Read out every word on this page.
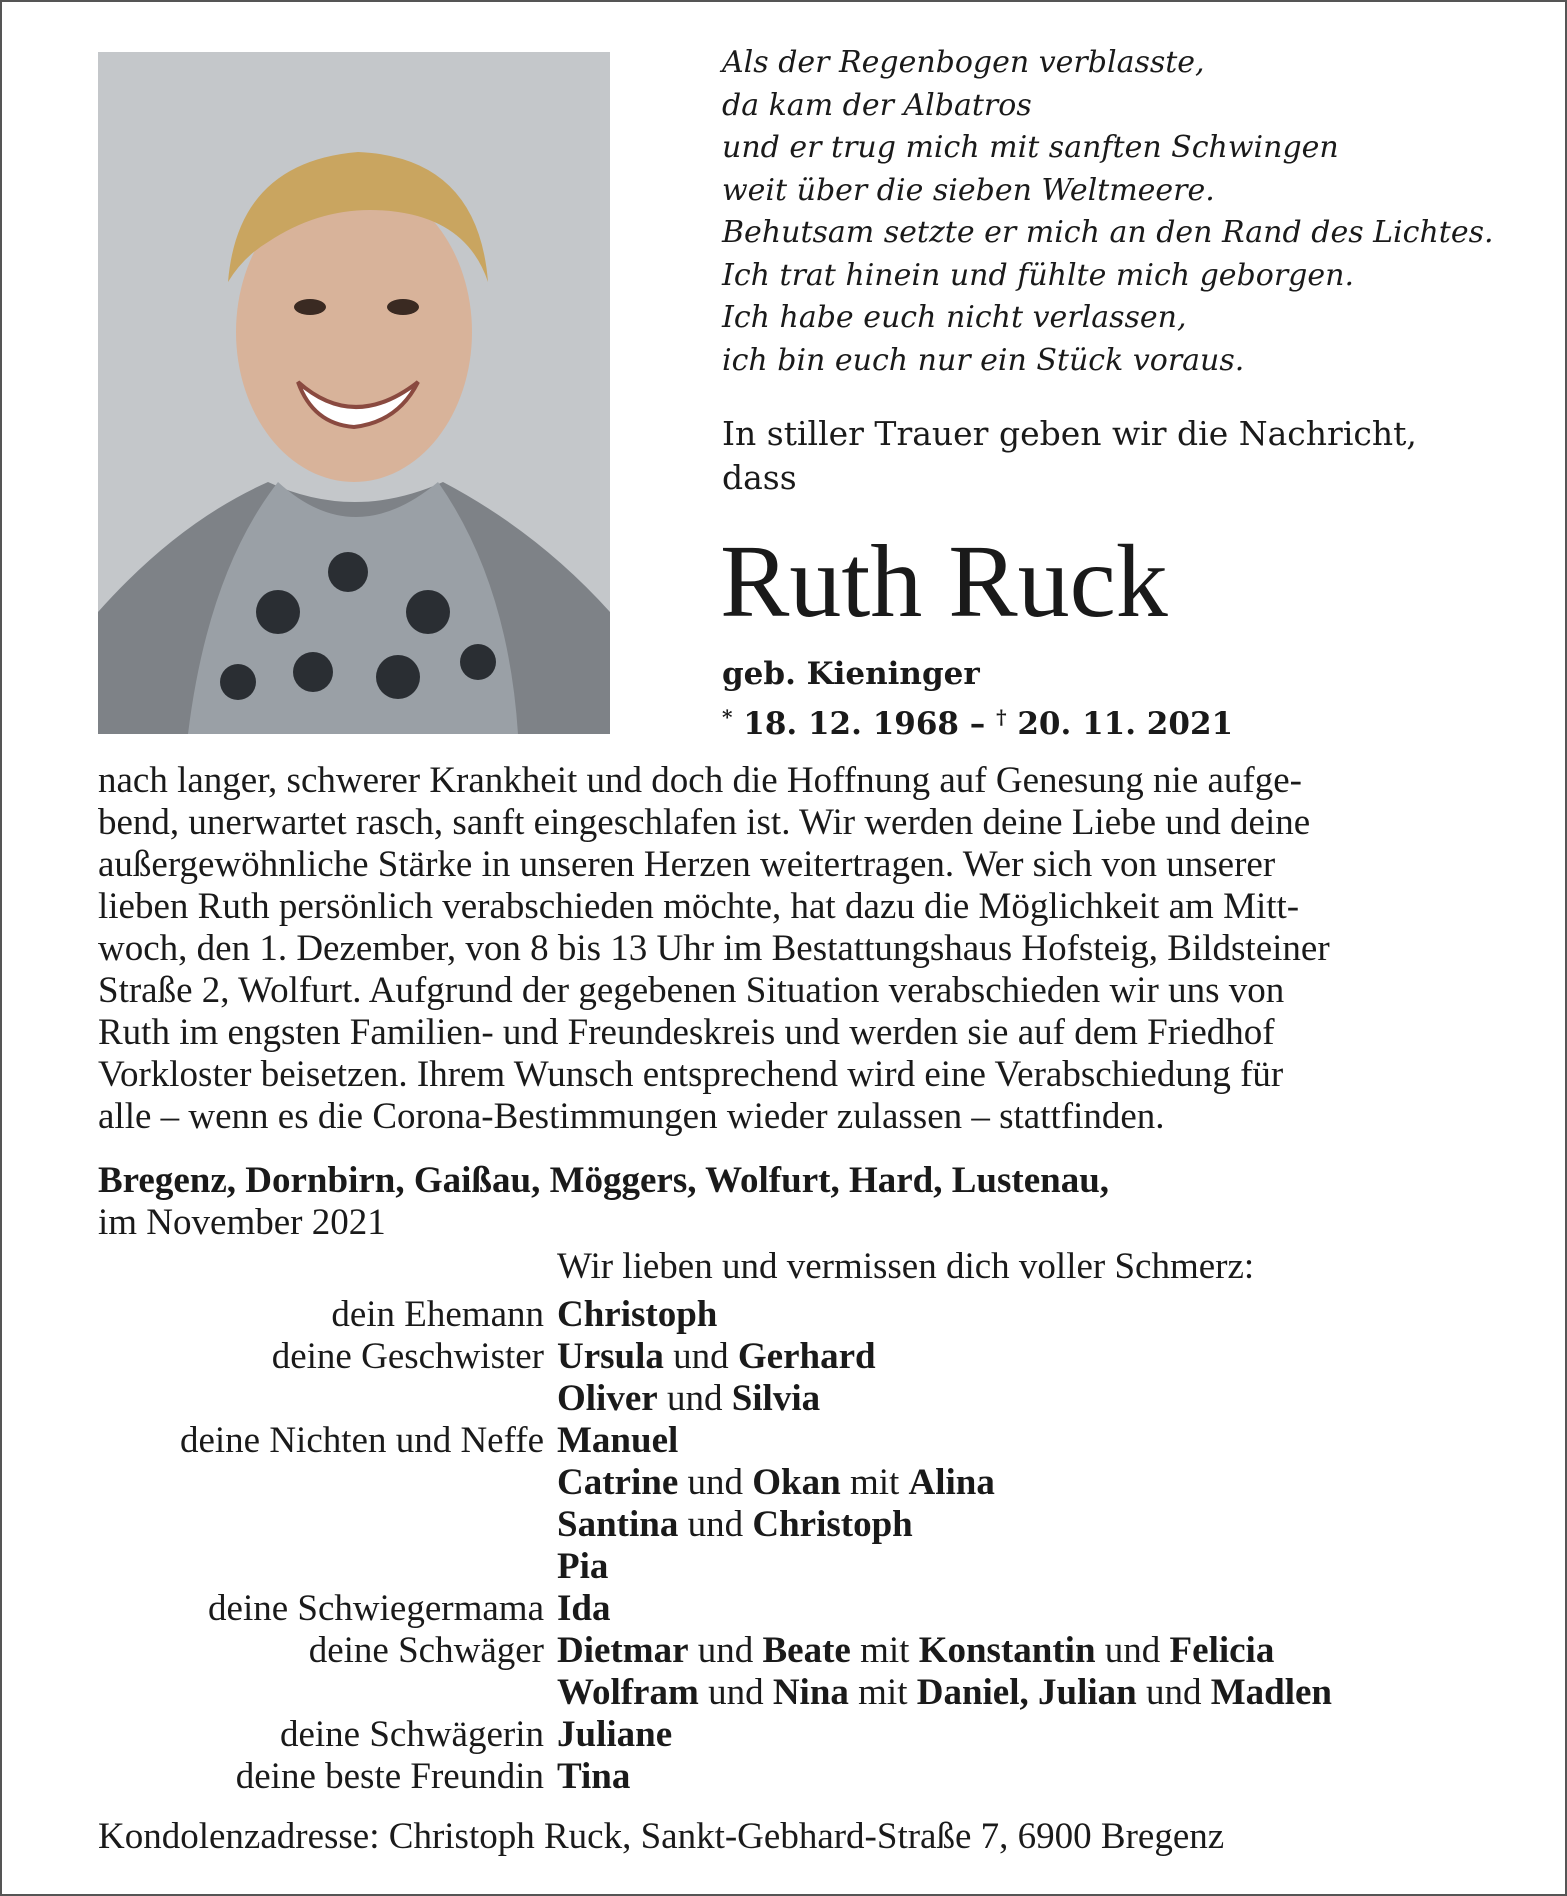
Als der Regenbogen verblasste,
da kam der Albatros
und er trug mich mit sanften Schwingen
weit über die sieben Weltmeere.
Behutsam setzte er mich an den Rand des Lichtes.
Ich trat hinein und fühlte mich geborgen.
Ich habe euch nicht verlassen,
ich bin euch nur ein Stück voraus.
In stiller Trauer geben wir die Nachricht,
dass
Ruth Ruck
geb. Kieninger
* 18. 12. 1968 – † 20. 11. 2021
nach langer, schwerer Krankheit und doch die Hoffnung auf Genesung nie aufge-
bend, unerwartet rasch, sanft eingeschlafen ist. Wir werden deine Liebe und deine
außergewöhnliche Stärke in unseren Herzen weitertragen. Wer sich von unserer
lieben Ruth persönlich verabschieden möchte, hat dazu die Möglichkeit am Mitt-
woch, den 1. Dezember, von 8 bis 13 Uhr im Bestattungshaus Hofsteig, Bildsteiner
Straße 2, Wolfurt. Aufgrund der gegebenen Situation verabschieden wir uns von
Ruth im engsten Familien- und Freundeskreis und werden sie auf dem Friedhof
Vorkloster beisetzen. Ihrem Wunsch entsprechend wird eine Verabschiedung für
alle – wenn es die Corona-Bestimmungen wieder zulassen – stattfinden.
Bregenz, Dornbirn, Gaißau, Möggers, Wolfurt, Hard, Lustenau,
im November 2021
Wir lieben und vermissen dich voller Schmerz:
dein Ehemann Christoph
deine Geschwister Ursula und Gerhard
Oliver und Silvia
deine Nichten und Neffe Manuel
Catrine und Okan mit Alina
Santina und Christoph
Pia
deine Schwiegermama Ida
deine Schwäger Dietmar und Beate mit Konstantin und Felicia
Wolfram und Nina mit Daniel, Julian und Madlen
deine Schwägerin Juliane
deine beste Freundin Tina
Kondolenzadresse: Christoph Ruck, Sankt-Gebhard-Straße 7, 6900 Bregenz
